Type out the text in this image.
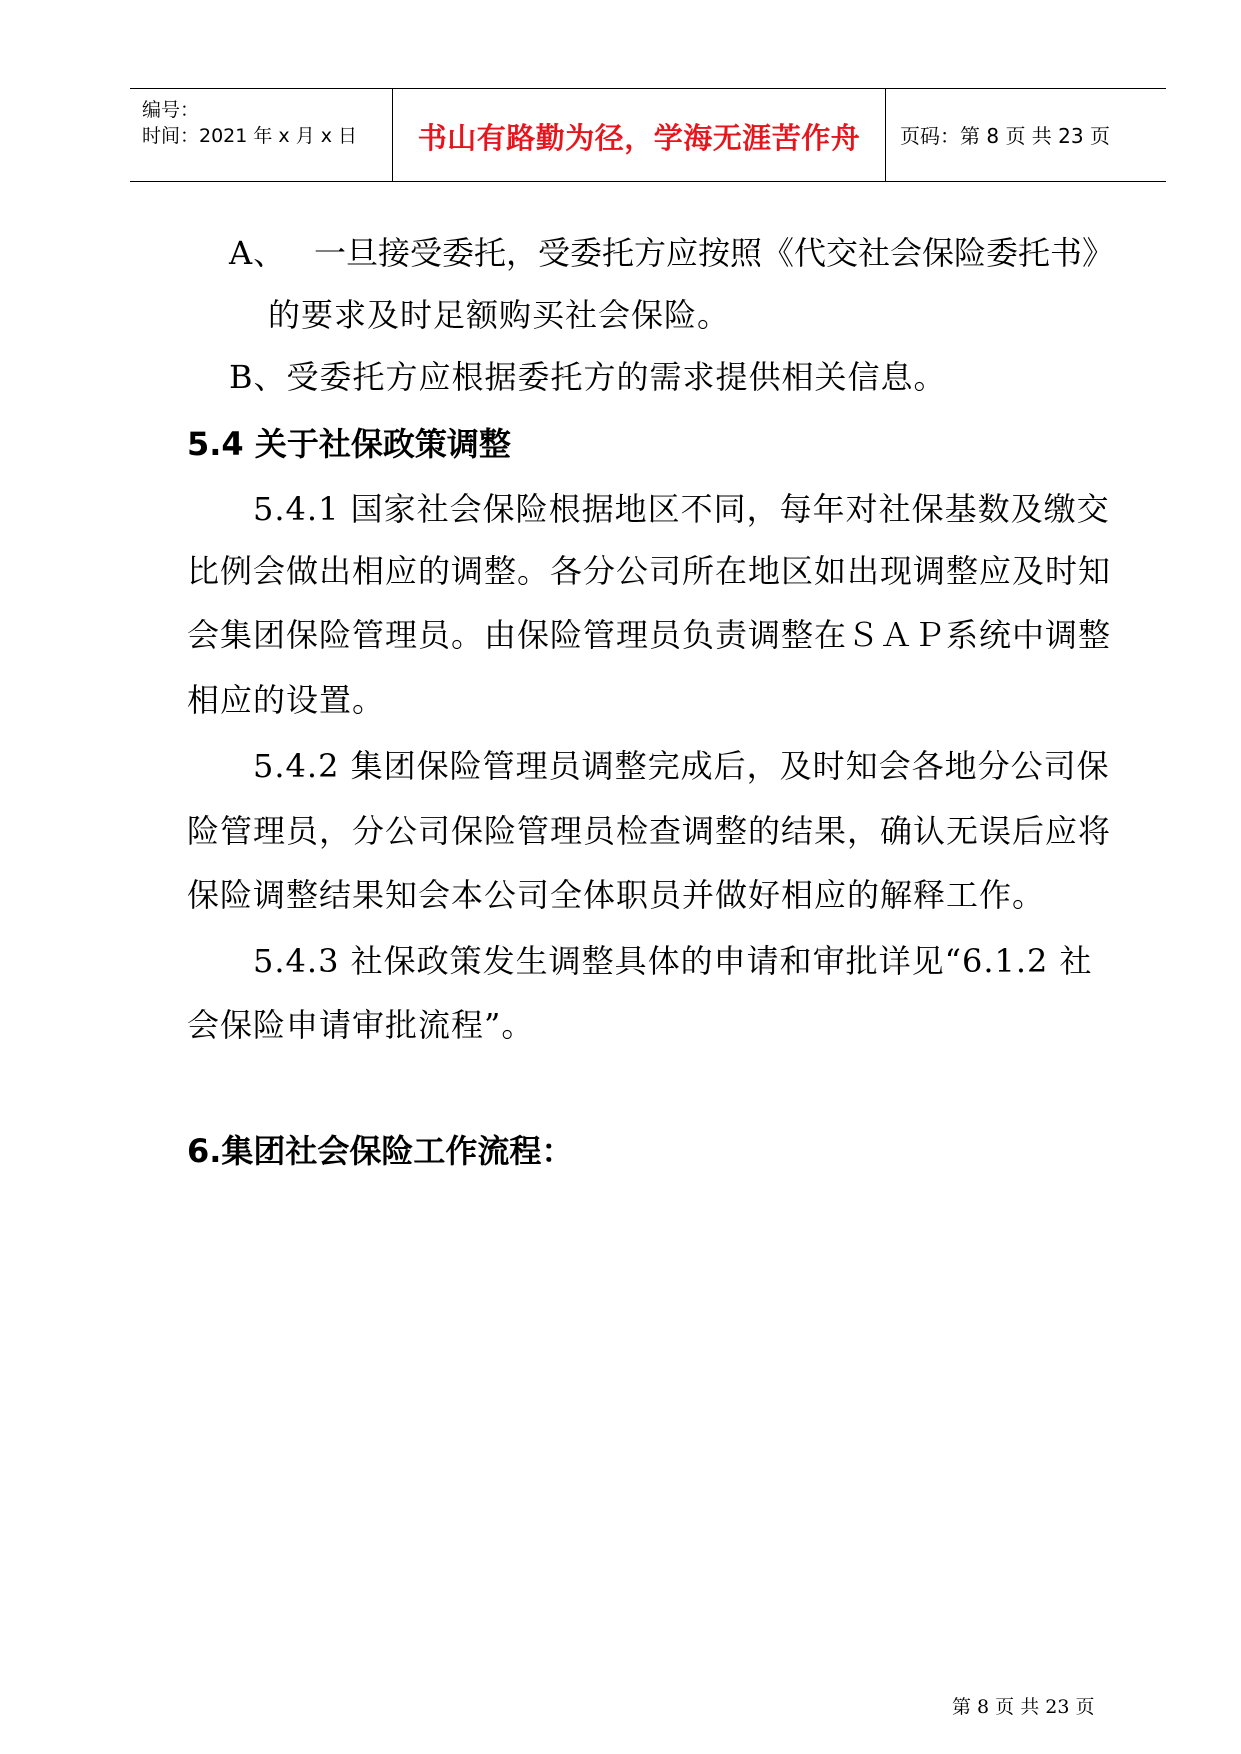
编号：
时间：2021 年 x 月 x 日	书山有路勤为径，学海无涯苦作舟	页码：第 8 页 共 23 页
A、 一旦接受委托，受委托方应按照《代交社会保险委托书》
的要求及时足额购买社会保险。
B、受委托方应根据委托方的需求提供相关信息。
5.4 关于社保政策调整
5.4.1 国家社会保险根据地区不同，每年对社保基数及缴交
比例会做出相应的调整。各分公司所在地区如出现调整应及时知
会集团保险管理员。由保险管理员负责调整在ＳＡＰ系统中调整
相应的设置。
5.4.2 集团保险管理员调整完成后，及时知会各地分公司保
险管理员，分公司保险管理员检查调整的结果，确认无误后应将
保险调整结果知会本公司全体职员并做好相应的解释工作。
5.4.3 社保政策发生调整具体的申请和审批详见“6.1.2 社
会保险申请审批流程”。
6.集团社会保险工作流程：
第 8 页 共 23 页
